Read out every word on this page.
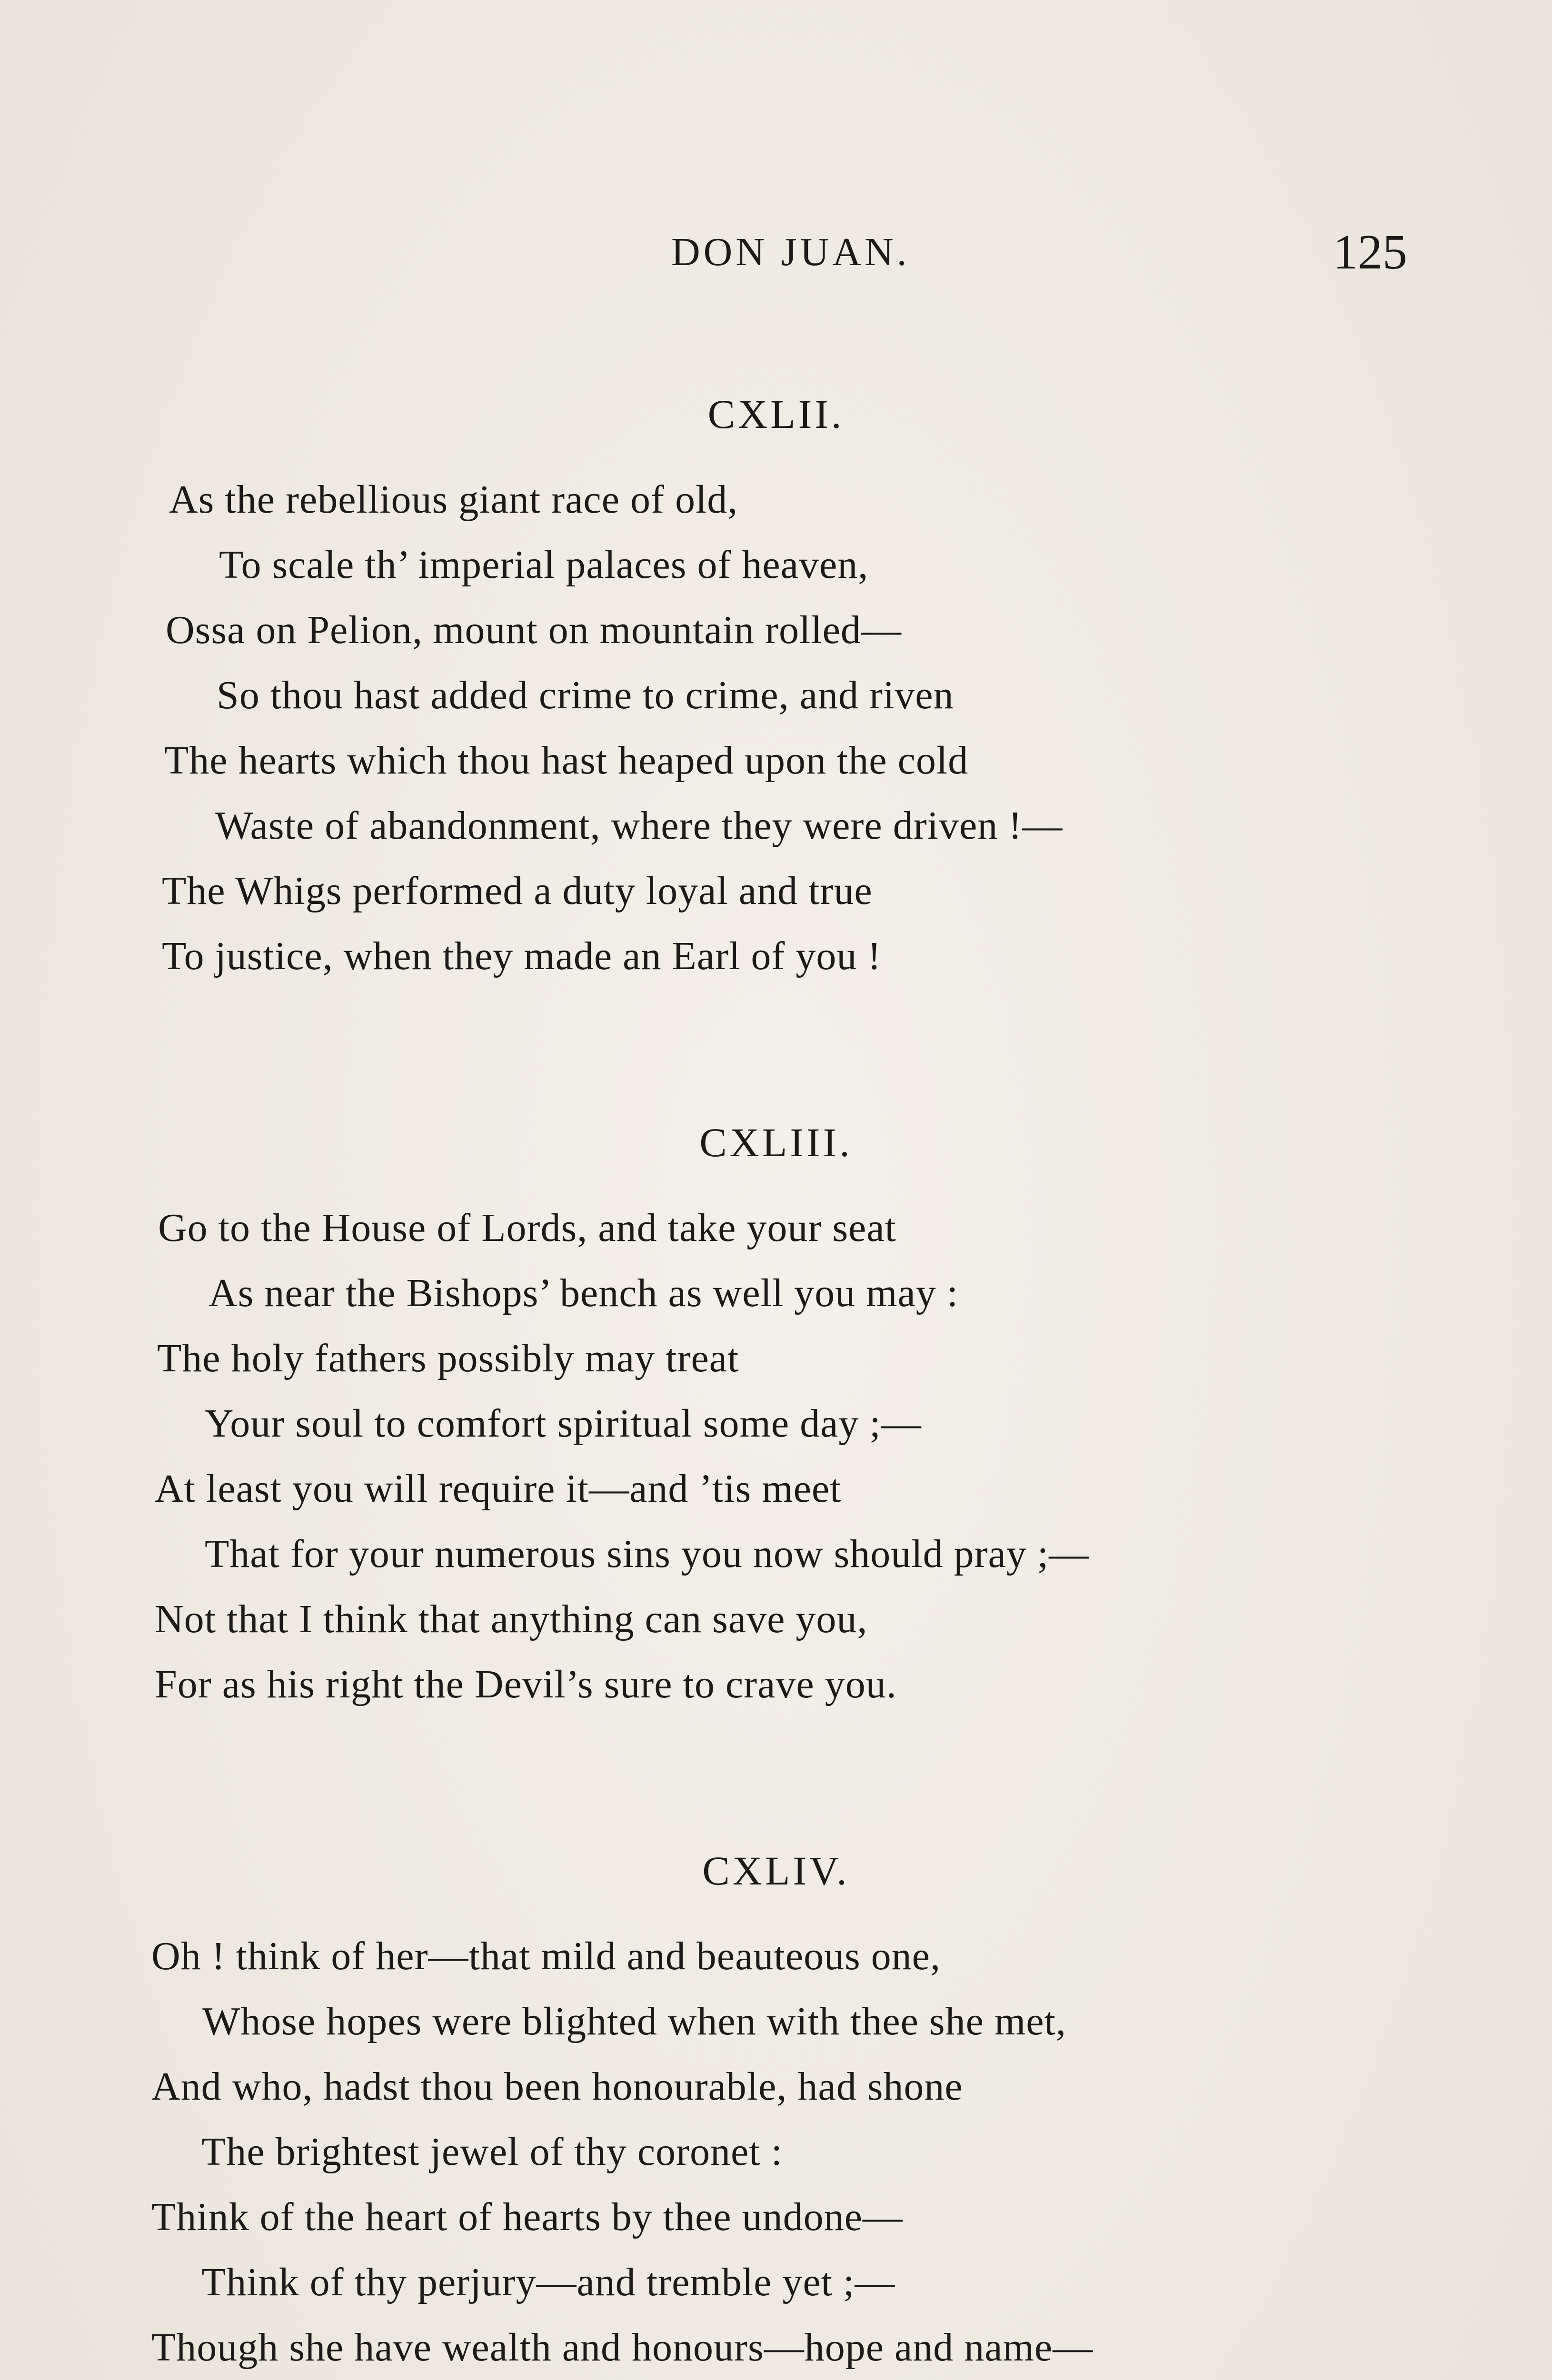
DON JUAN.	125
CXLII.
As the rebellious giant race of old,
To scale th’ imperial palaces of heaven,
Ossa on Pelion, mount on mountain rolled—
So thou hast added crime to crime, and riven
The hearts which thou hast heaped upon the cold
Waste of abandonment, where they were driven !—
The Whigs performed a duty loyal and true
To justice, when they made an Earl of you !
CXLIII.
Go to the House of Lords, and take your seat
As near the Bishops’ bench as well you may :
The holy fathers possibly may treat
Your soul to comfort spiritual some day ;—
At least you will require it—and ’tis meet
That for your numerous sins you now should pray ;—
Not that I think that anything can save you,
For as his right the Devil’s sure to crave you.
CXLIV.
Oh ! think of her—that mild and beauteous one,
Whose hopes were blighted when with thee she met,
And who, hadst thou been honourable, had shone
The brightest jewel of thy coronet :
Think of the heart of hearts by thee undone—
Think of thy perjury—and tremble yet ;—
Though she have wealth and honours—hope and name—
